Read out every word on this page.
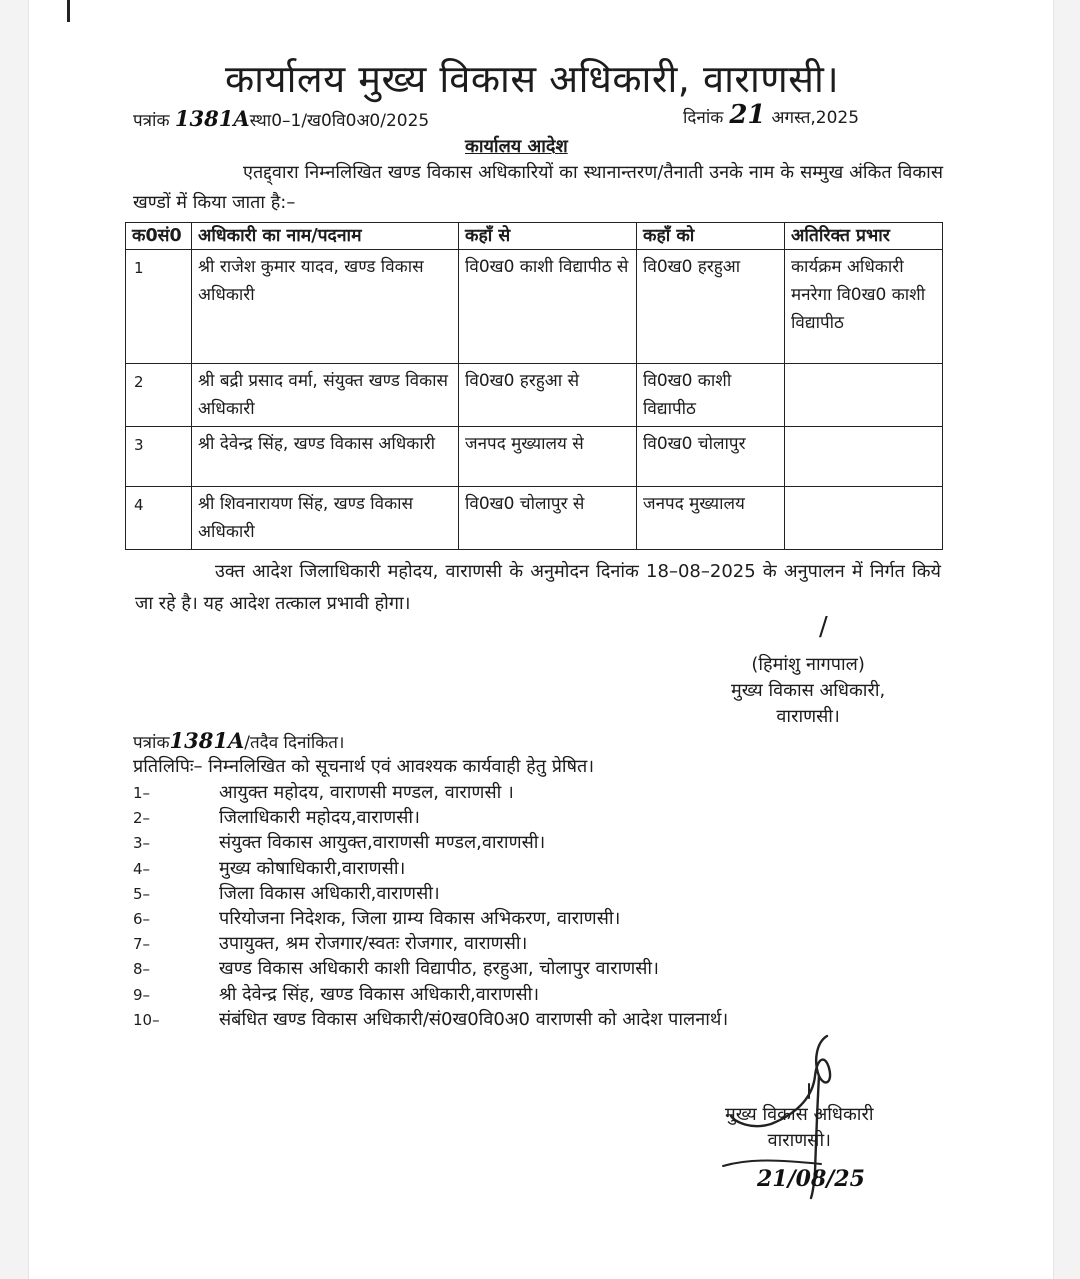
कार्यालय मुख्य विकास अधिकारी, वाराणसी।
पत्रांक 1381Aस्था0–1/ख0वि0अ0/2025	दिनांक 21 अगस्त,2025
कार्यालय आदेश
एतद्द्वारा निम्नलिखित खण्ड विकास अधिकारियों का स्थानान्तरण/तैनाती उनके नाम के सम्मुख अंकित विकास खण्डों में किया जाता है:–
क0सं0	अधिकारी का नाम/पदनाम	कहाँ से	कहाँ को	अतिरिक्त प्रभार
1	श्री राजेश कुमार यादव, खण्ड विकास अधिकारी	वि0ख0 काशी विद्यापीठ से	वि0ख0 हरहुआ	कार्यक्रम अधिकारी मनरेगा वि0ख0 काशी विद्यापीठ
2	श्री बद्री प्रसाद वर्मा, संयुक्त खण्ड विकास अधिकारी	वि0ख0 हरहुआ से	वि0ख0 काशी विद्यापीठ	
3	श्री देवेन्द्र सिंह, खण्ड विकास अधिकारी	जनपद मुख्यालय से	वि0ख0 चोलापुर	
4	श्री शिवनारायण सिंह, खण्ड विकास अधिकारी	वि0ख0 चोलापुर से	जनपद मुख्यालय	
उक्त आदेश जिलाधिकारी महोदय, वाराणसी के अनुमोदन दिनांक 18–08–2025 के अनुपालन में निर्गत किये जा रहे है। यह आदेश तत्काल प्रभावी होगा।
/
(हिमांशु नागपाल)
मुख्य विकास अधिकारी,
वाराणसी।
पत्रांक1381A/तदैव दिनांकित।
प्रतिलिपिः– निम्नलिखित को सूचनार्थ एवं आवश्यक कार्यवाही हेतु प्रेषित।
1–	आयुक्त महोदय, वाराणसी मण्डल, वाराणसी ।
2–	जिलाधिकारी महोदय,वाराणसी।
3–	संयुक्त विकास आयुक्त,वाराणसी मण्डल,वाराणसी।
4–	मुख्य कोषाधिकारी,वाराणसी।
5–	जिला विकास अधिकारी,वाराणसी।
6–	परियोजना निदेशक, जिला ग्राम्य विकास अभिकरण, वाराणसी।
7–	उपायुक्त, श्रम रोजगार/स्वतः रोजगार, वाराणसी।
8–	खण्ड विकास अधिकारी काशी विद्यापीठ, हरहुआ, चोलापुर वाराणसी।
9–	श्री देवेन्द्र सिंह, खण्ड विकास अधिकारी,वाराणसी।
10–	संबंधित खण्ड विकास अधिकारी/सं0ख0वि0अ0 वाराणसी को आदेश पालनार्थ।
मुख्य विकास अधिकारी
वाराणसी।
21/08/25
